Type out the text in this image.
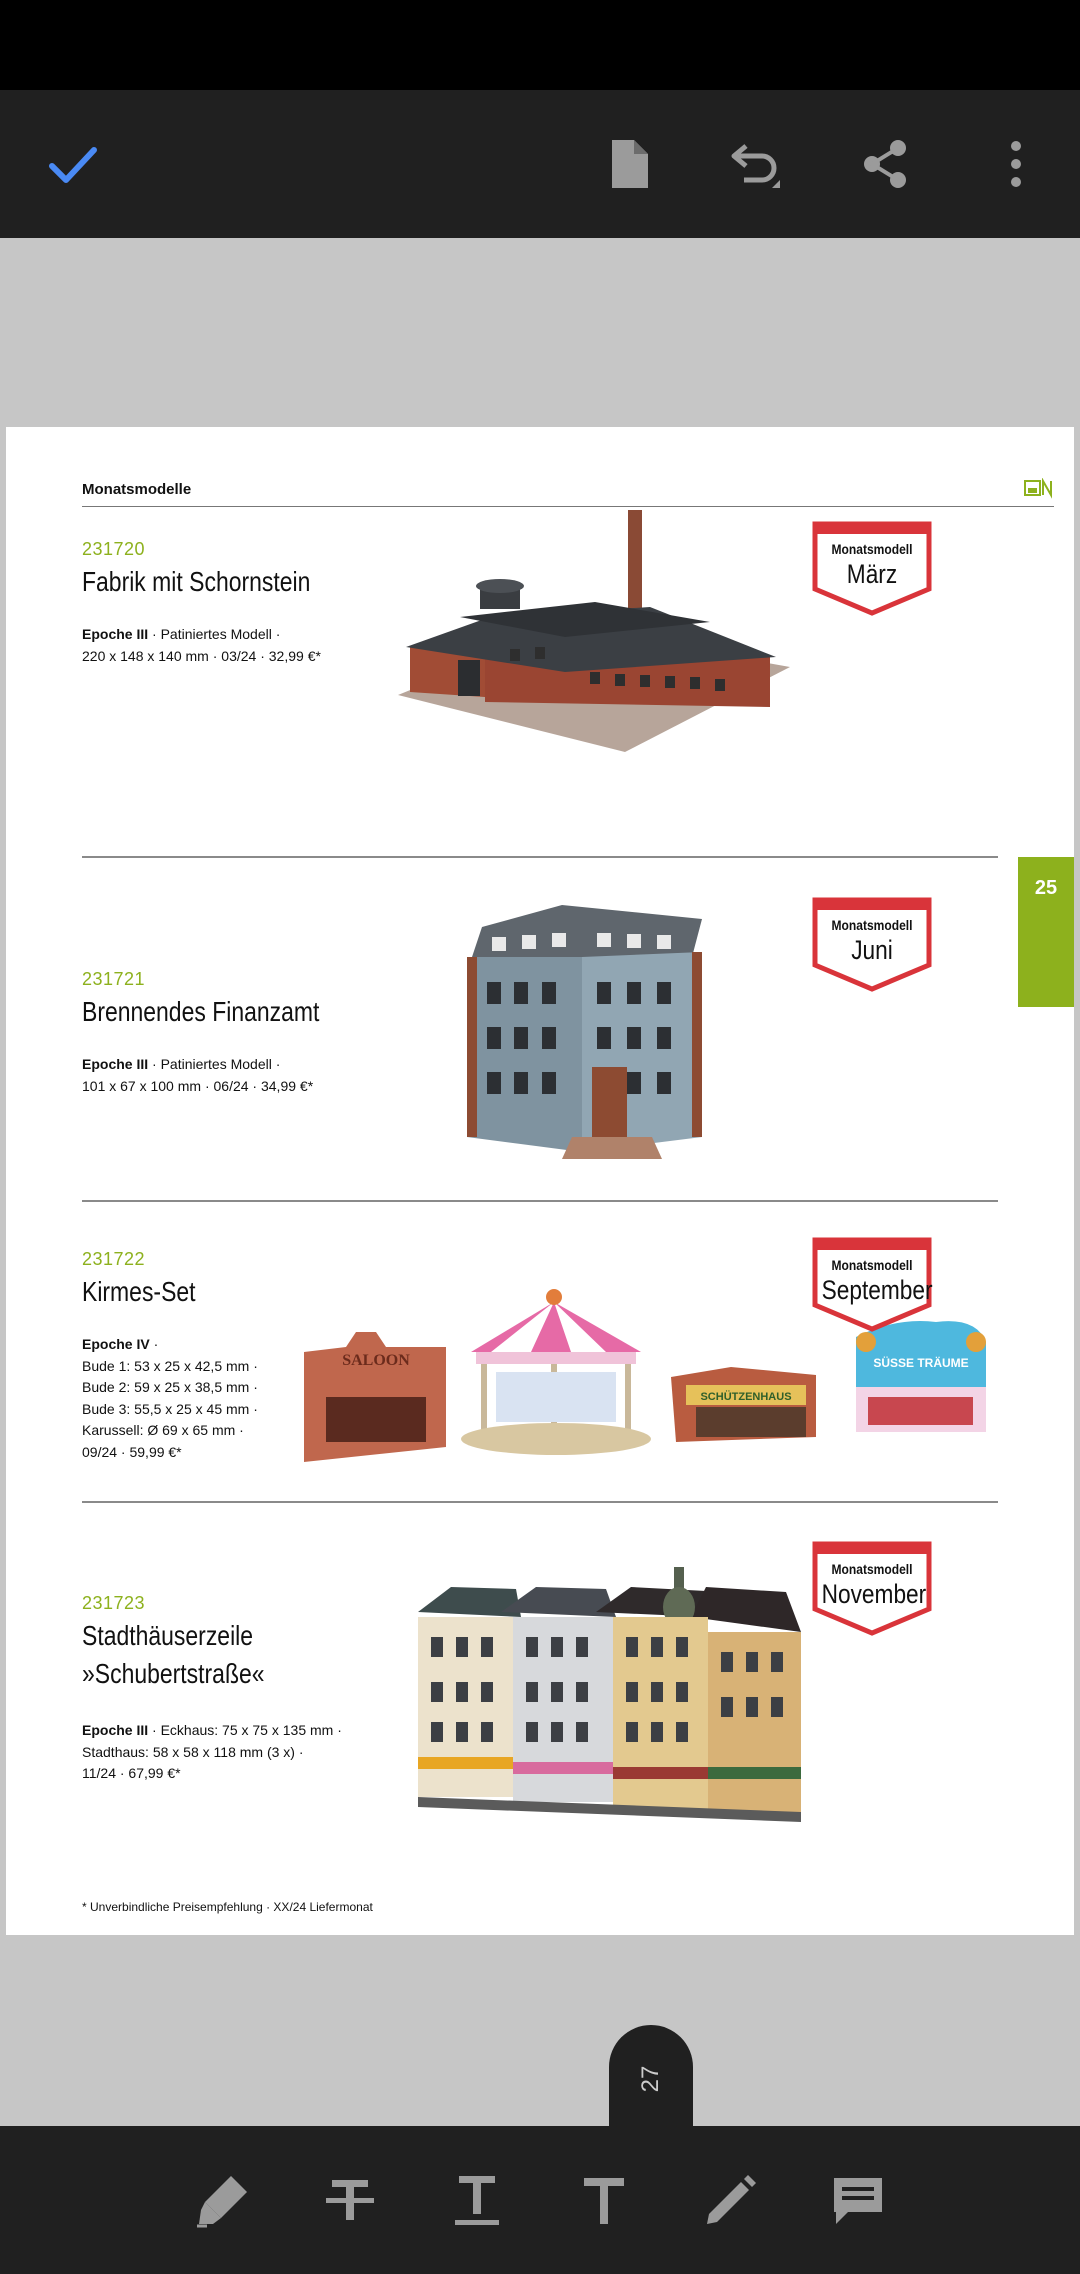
Monatsmodelle
231720
Fabrik mit Schornstein
Epoche III · Patiniertes Modell ·
220 x 148 x 140 mm · 03/24 · 32,99 €*
Monatsmodell
März
231721
Brennendes Finanzamt
Epoche III · Patiniertes Modell ·
101 x 67 x 100 mm · 06/24 · 34,99 €*
Monatsmodell
Juni
231722
Kirmes-Set
Epoche IV ·
Bude 1: 53 x 25 x 42,5 mm ·
Bude 2: 59 x 25 x 38,5 mm ·
Bude 3: 55,5 x 25 x 45 mm ·
Karussell: Ø 69 x 65 mm ·
09/24 · 59,99 €*
SALOON
SCHÜTZENHAUS
SÜSSE TRÄUME
Monatsmodell
September
231723
Stadthäuserzeile
»Schubertstraße«
Epoche III · Eckhaus: 75 x 75 x 135 mm ·
Stadthaus: 58 x 58 x 118 mm (3 x) ·
11/24 · 67,99 €*
Monatsmodell
November
* Unverbindliche Preisempfehlung · XX/24 Liefermonat
25
27
